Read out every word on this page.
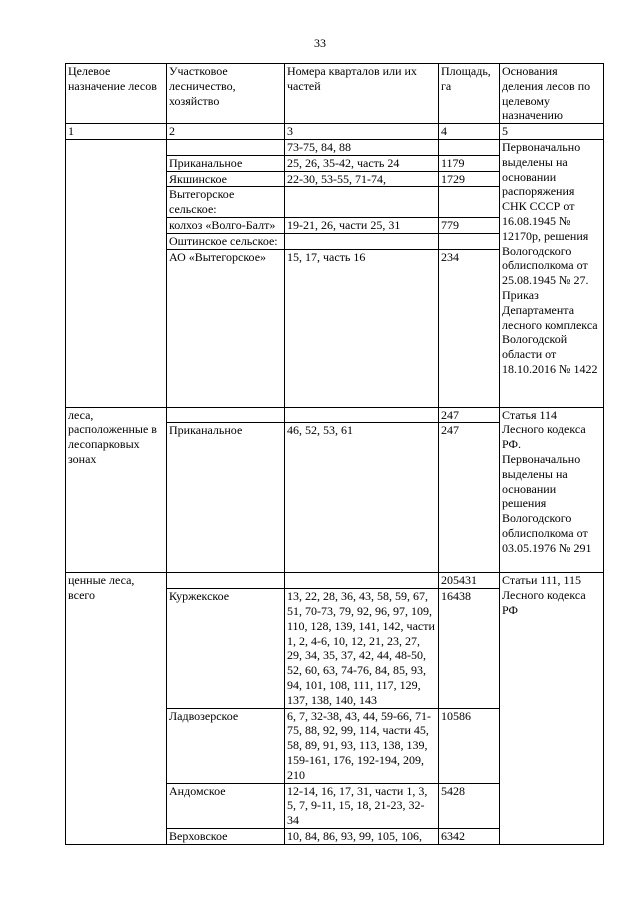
33
Целевое назначение лесов	Участковое лесничество, хозяйство	Номера кварталов или их частей	Площадь, га	Основания деления лесов по целевому назначению
1	2	3	4	5
		73-75, 84, 88		Первоначально выделены на основании распоряжения СНК СССР от 16.08.1945 № 12170р, решения Вологодского облисполкома от 25.08.1945 № 27. Приказ Департамента лесного комплекса Вологодской области от 18.10.2016 № 1422
	Приканальное	25, 26, 35-42, часть 24	1179	
	Якшинское	22-30, 53-55, 71-74,	1729	
	Вытегорское сельское:			
	колхоз «Волго-Балт»	19-21, 26, части 25, 31	779	
	Оштинское сельское:			
	АО «Вытегорское»	15, 17, часть 16	234	
леса, расположенные в лесопарковых зонах			247	Статья 114 Лесного кодекса РФ. Первоначально выделены на основании решения Вологодского облисполкома от 03.05.1976 № 291
	Приканальное	46, 52, 53, 61	247	
ценные леса, всего			205431	Статьи 111, 115 Лесного кодекса РФ
	Куржекское	13, 22, 28, 36, 43, 58, 59, 67, 51, 70-73, 79, 92, 96, 97, 109, 110, 128, 139, 141, 142, части 1, 2, 4-6, 10, 12, 21, 23, 27, 29, 34, 35, 37, 42, 44, 48-50, 52, 60, 63, 74-76, 84, 85, 93, 94, 101, 108, 111, 117, 129, 137, 138, 140, 143	16438	
	Ладвозерское	6, 7, 32-38, 43, 44, 59-66, 71-75, 88, 92, 99, 114, части 45, 58, 89, 91, 93, 113, 138, 139, 159-161, 176, 192-194, 209, 210	10586	
	Андомское	12-14, 16, 17, 31, части 1, 3, 5, 7, 9-11, 15, 18, 21-23, 32-34	5428	
	Верховское	10, 84, 86, 93, 99, 105, 106,	6342	
